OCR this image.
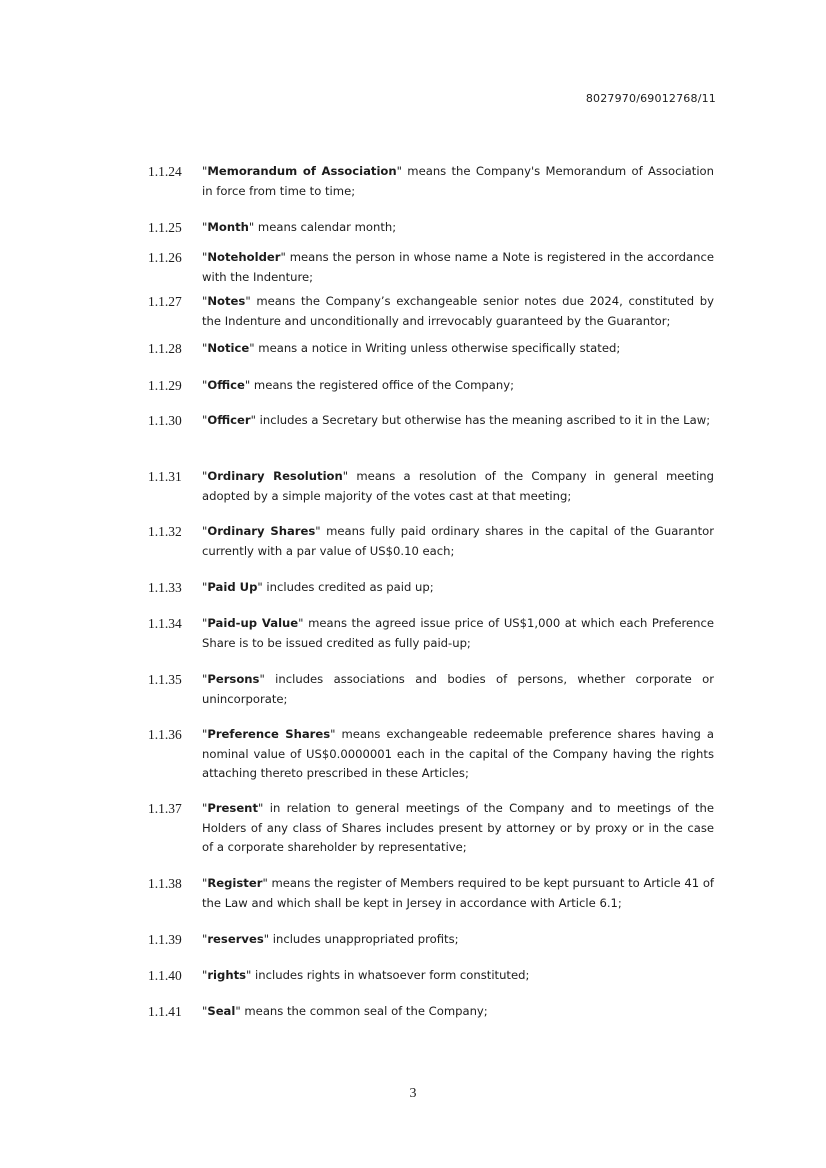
8027970/69012768/11
1.1.24	"Memorandum of Association" means the Company's Memorandum of Association in force from time to time;
1.1.25	"Month" means calendar month;
1.1.26	"Noteholder" means the person in whose name a Note is registered in the accordance with the Indenture;
1.1.27	"Notes" means the Company’s exchangeable senior notes due 2024, constituted by the Indenture and unconditionally and irrevocably guaranteed by the Guarantor;
1.1.28	"Notice" means a notice in Writing unless otherwise specifically stated;
1.1.29	"Office" means the registered office of the Company;
1.1.30	"Officer" includes a Secretary but otherwise has the meaning ascribed to it in the Law;
1.1.31	"Ordinary Resolution" means a resolution of the Company in general meeting adopted by a simple majority of the votes cast at that meeting;
1.1.32	"Ordinary Shares" means fully paid ordinary shares in the capital of the Guarantor currently with a par value of US$0.10 each;
1.1.33	"Paid Up" includes credited as paid up;
1.1.34	"Paid-up Value" means the agreed issue price of US$1,000 at which each Preference Share is to be issued credited as fully paid-up;
1.1.35	"Persons" includes associations and bodies of persons, whether corporate or unincorporate;
1.1.36	"Preference Shares" means exchangeable redeemable preference shares having a nominal value of US$0.0000001 each in the capital of the Company having the rights attaching thereto prescribed in these Articles;
1.1.37	"Present" in relation to general meetings of the Company and to meetings of the Holders of any class of Shares includes present by attorney or by proxy or in the case of a corporate shareholder by representative;
1.1.38	"Register" means the register of Members required to be kept pursuant to Article 41 of the Law and which shall be kept in Jersey in accordance with Article 6.1;
1.1.39	"reserves" includes unappropriated profits;
1.1.40	"rights" includes rights in whatsoever form constituted;
1.1.41	"Seal" means the common seal of the Company;
3
